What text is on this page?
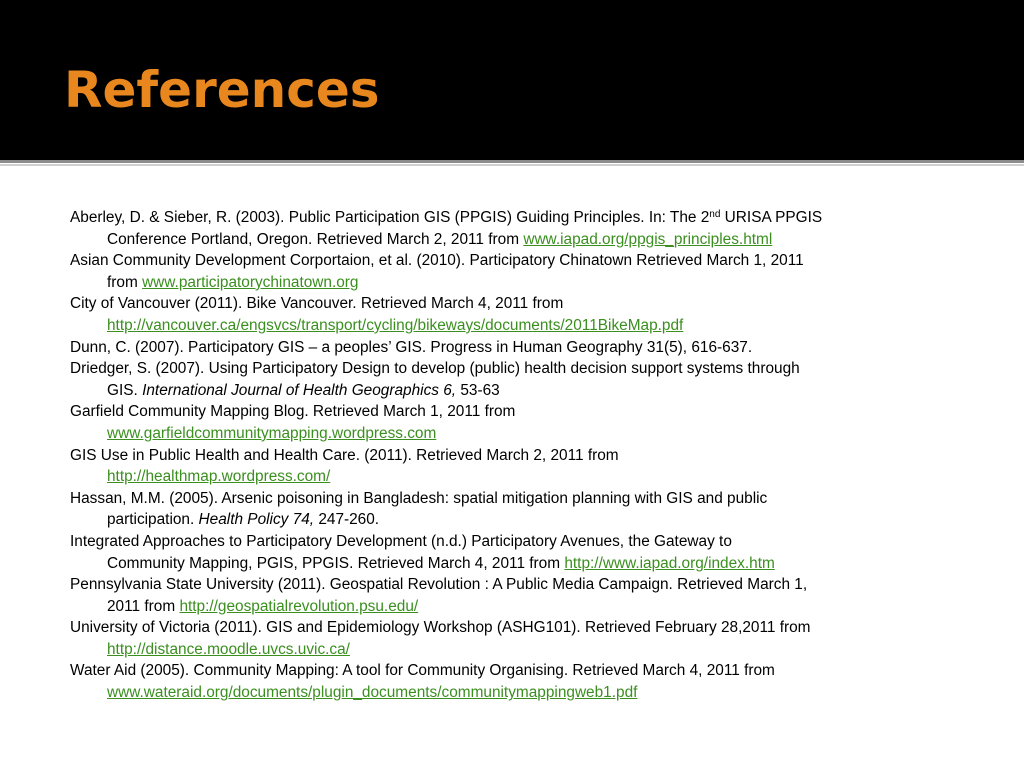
References
Aberley, D. & Sieber, R. (2003). Public Participation GIS (PPGIS) Guiding Principles. In: The 2nd URISA PPGIS
Conference Portland, Oregon. Retrieved March 2, 2011 from www.iapad.org/ppgis_principles.html
Asian Community Development Corportaion, et al. (2010). Participatory Chinatown Retrieved March 1, 2011
from www.participatorychinatown.org
City of Vancouver (2011). Bike Vancouver. Retrieved March 4, 2011 from
http://vancouver.ca/engsvcs/transport/cycling/bikeways/documents/2011BikeMap.pdf
Dunn, C. (2007). Participatory GIS – a peoples’ GIS. Progress in Human Geography 31(5), 616-637.
Driedger, S. (2007). Using Participatory Design to develop (public) health decision support systems through
GIS. International Journal of Health Geographics 6, 53-63
Garfield Community Mapping Blog. Retrieved March 1, 2011 from
www.garfieldcommunitymapping.wordpress.com
GIS Use in Public Health and Health Care. (2011). Retrieved March 2, 2011 from
http://healthmap.wordpress.com/
Hassan, M.M. (2005). Arsenic poisoning in Bangladesh: spatial mitigation planning with GIS and public
participation. Health Policy 74, 247-260.
Integrated Approaches to Participatory Development (n.d.) Participatory Avenues, the Gateway to
Community Mapping, PGIS, PPGIS. Retrieved March 4, 2011 from http://www.iapad.org/index.htm
Pennsylvania State University (2011). Geospatial Revolution : A Public Media Campaign. Retrieved March 1,
2011 from http://geospatialrevolution.psu.edu/
University of Victoria (2011). GIS and Epidemiology Workshop (ASHG101). Retrieved February 28,2011 from
http://distance.moodle.uvcs.uvic.ca/
Water Aid (2005). Community Mapping: A tool for Community Organising. Retrieved March 4, 2011 from
www.wateraid.org/documents/plugin_documents/communitymappingweb1.pdf
